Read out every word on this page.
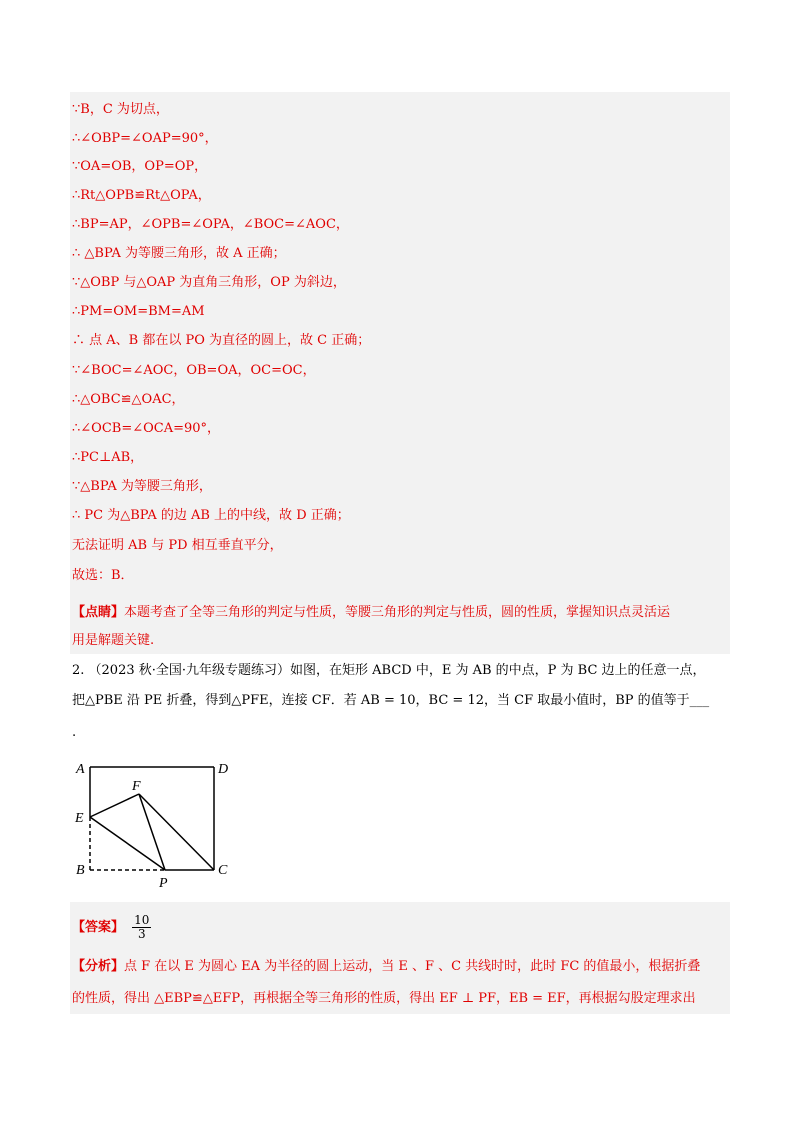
∵B，C 为切点，
∴∠OBP=∠OAP=90°，
∵OA=OB，OP=OP，
∴Rt△OPB≌Rt△OPA，
∴BP=AP，∠OPB=∠OPA，∠BOC=∠AOC，
∴ △BPA 为等腰三角形，故 A 正确；
∵△OBP 与△OAP 为直角三角形，OP 为斜边，
∴PM=OM=BM=AM
∴ 点 A、B 都在以 PO 为直径的圆上，故 C 正确；
∵∠BOC=∠AOC，OB=OA，OC=OC，
∴△OBC≌△OAC，
∴∠OCB=∠OCA=90°，
∴PC⊥AB，
∵△BPA 为等腰三角形，
∴ PC 为△BPA 的边 AB 上的中线，故 D 正确；
无法证明 AB 与 PD 相互垂直平分，
故选：B．
2. （2023 秋·全国·九年级专题练习）如图，在矩形 ABCD 中，E 为 AB 的中点，P 为 BC 边上的任意一点，
把△PBE 沿 PE 折叠，得到△PFE，连接 CF．若 AB = 10，BC = 12，当 CF 取最小值时，BP 的值等于___
.
A	D
F
E
B
P
C
【答案】 $\frac{10}{3}$
【分析】点 F 在以 E 为圆心 EA 为半径的圆上运动，当 E 、F 、C 共线时时，此时 FC 的值最小，根据折叠
的性质，得出 △EBP≌△EFP，再根据全等三角形的性质，得出 EF ⊥ PF，EB = EF，再根据勾股定理求出
【点睛】本题考查了全等三角形的判定与性质，等腰三角形的判定与性质，圆的性质，掌握知识点灵活运
用是解题关键.
